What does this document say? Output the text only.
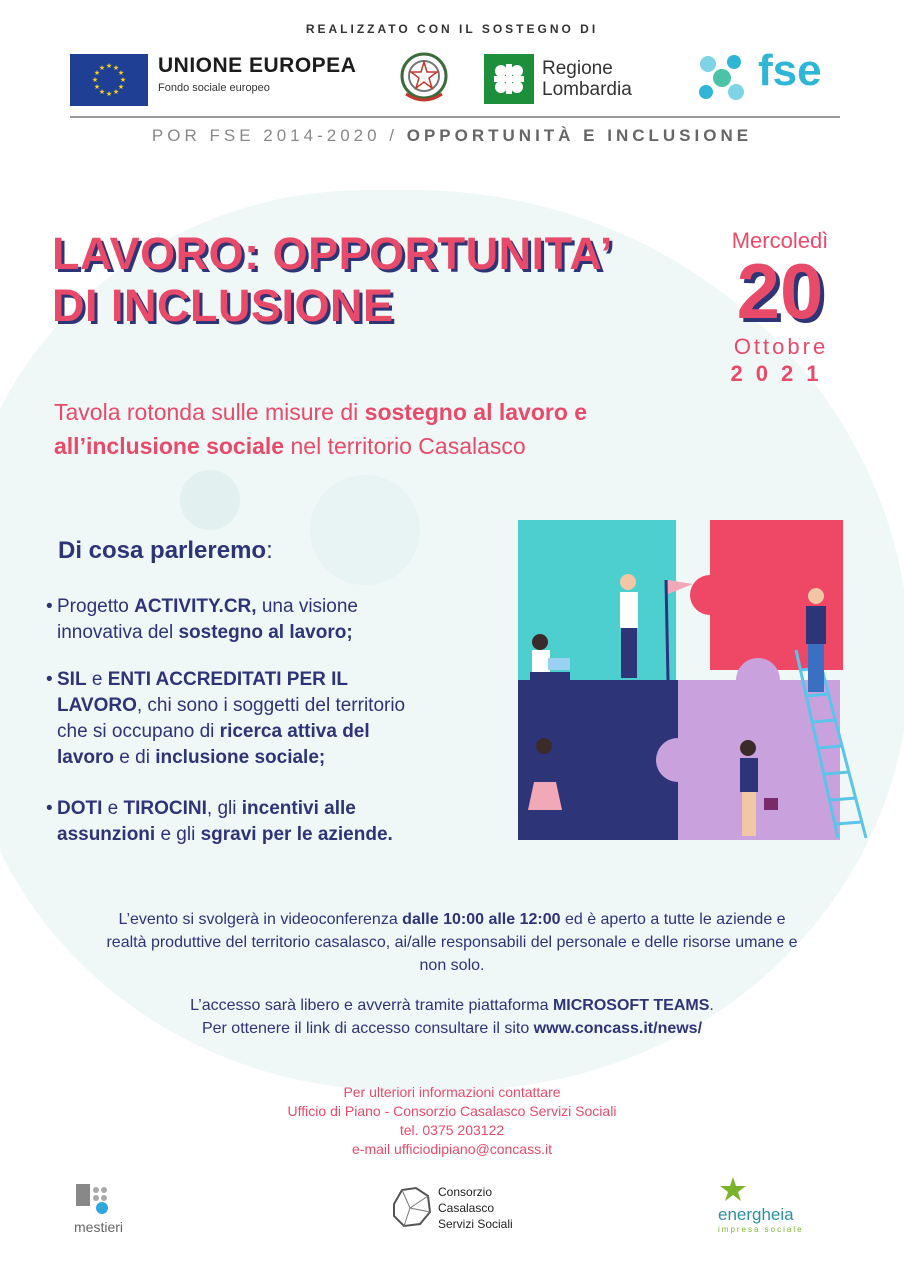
REALIZZATO CON IL SOSTEGNO DI
★ ★
★
★
★
★
★
★
★
★
★
★	UNIONE EUROPEA
Fondo sociale europeo
Regione
Lombardia	fse
POR FSE 2014-2020 / OPPORTUNITÀ E INCLUSIONE
LAVORO: OPPORTUNITA’
DI INCLUSIONE
Mercoledì
20
Ottobre
2021
Tavola rotonda sulle misure di sostegno al lavoro e
all’inclusione sociale nel territorio Casalasco
Di cosa parleremo:
• Progetto ACTIVITY.CR, una visione
innovativa del sostegno al lavoro;
• SIL e ENTI ACCREDITATI PER IL
LAVORO, chi sono i soggetti del territorio
che si occupano di ricerca attiva del
lavoro e di inclusione sociale;
• DOTI e TIROCINI, gli incentivi alle
assunzioni e gli sgravi per le aziende.
L’evento si svolgerà in videoconferenza dalle 10:00 alle 12:00 ed è aperto a tutte le aziende e
realtà produttive del territorio casalasco, ai/alle responsabili del personale e delle risorse umane e
non solo.
L’accesso sarà libero e avverrà tramite piattaforma MICROSOFT TEAMS.
Per ottenere il link di accesso consultare il sito www.concass.it/news/
Per ulteriori informazioni contattare
Ufficio di Piano - Consorzio Casalasco Servizi Sociali
tel. 0375 203122
e-mail ufficiodipiano@concass.it
mestieri
Consorzio
Casalasco
Servizi Sociali	energheia
impresa sociale
